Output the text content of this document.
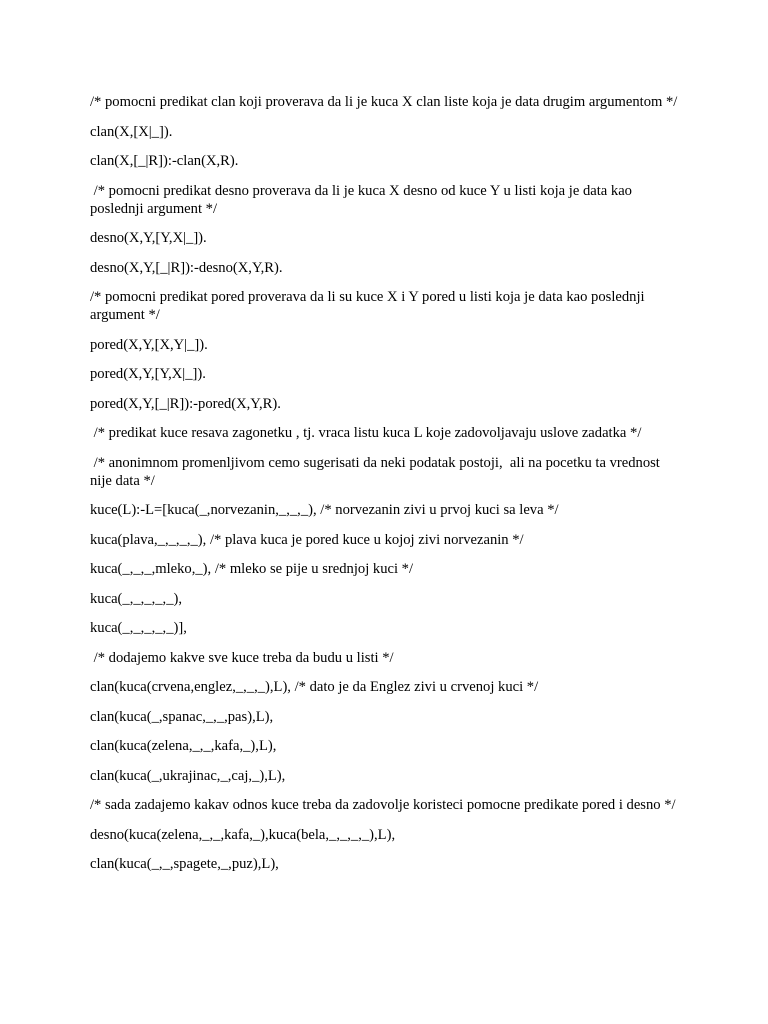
/* pomocni predikat clan koji proverava da li je kuca X clan liste koja je data drugim argumentom */

clan(X,[X|_]).

clan(X,[_|R]):-clan(X,R).

/* pomocni predikat desno proverava da li je kuca X desno od kuce Y u listi koja je data kao poslednji argument */

desno(X,Y,[Y,X|_]).

desno(X,Y,[_|R]):-desno(X,Y,R).

/* pomocni predikat pored proverava da li su kuce X i Y pored u listi koja je data kao poslednji argument */

pored(X,Y,[X,Y|_]).

pored(X,Y,[Y,X|_]).

pored(X,Y,[_|R]):-pored(X,Y,R).

/* predikat kuce resava zagonetku , tj. vraca listu kuca L koje zadovoljavaju uslove zadatka */

/* anonimnom promenljivom cemo sugerisati da neki podatak postoji,  ali na pocetku ta vrednost nije data */

kuce(L):-L=[kuca(_,norvezanin,_,_,_), /* norvezanin zivi u prvoj kuci sa leva */

kuca(plava,_,_,_,_), /* plava kuca je pored kuce u kojoj zivi norvezanin */

kuca(_,_,_,mleko,_), /* mleko se pije u srednjoj kuci */

kuca(_,_,_,_,_),

kuca(_,_,_,_,_)],

/* dodajemo kakve sve kuce treba da budu u listi */

clan(kuca(crvena,englez,_,_,_),L), /* dato je da Englez zivi u crvenoj kuci */

clan(kuca(_,spanac,_,_,pas),L),

clan(kuca(zelena,_,_,kafa,_),L),

clan(kuca(_,ukrajinac,_,caj,_),L),

/* sada zadajemo kakav odnos kuce treba da zadovolje koristeci pomocne predikate pored i desno */

desno(kuca(zelena,_,_,kafa,_),kuca(bela,_,_,_,_),L),

clan(kuca(_,_,spagete,_,puz),L),
